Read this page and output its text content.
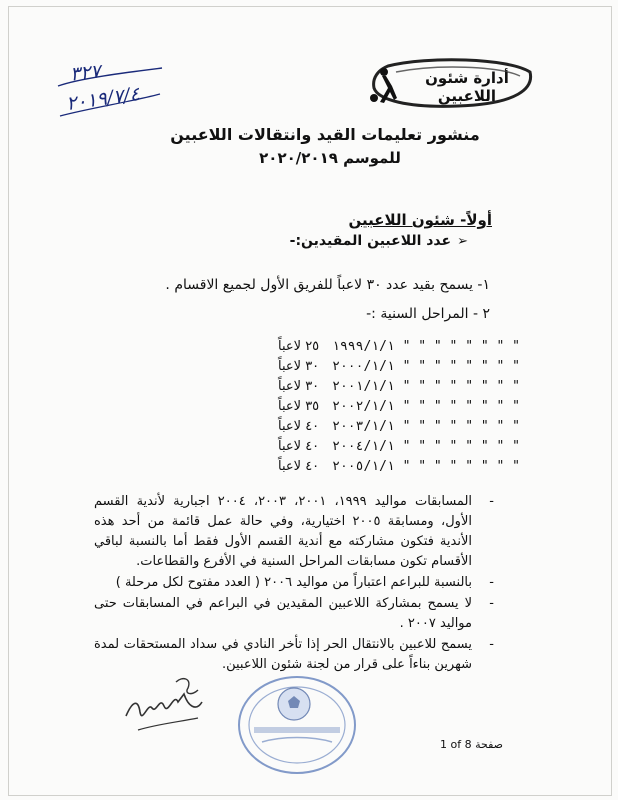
٣٢٧
٢٠١٩/٧/٤
أدارة شئون اللاعبين
منشور تعليمات القيد وانتقالات اللاعبين
للموسم ٢٠٢٠/٢٠١٩
أولاً- شئون اللاعبين
➢
عدد اللاعبين المقيدين:-
١- يسمح بقيد عدد ٣٠ لاعباً للفريق الأول لجميع الاقسام .
٢ - المراحل السنية :-
" " " " " " " " ١٩٩٩/١/١
٢٥ لاعباً
" " " " " " " " ٢٠٠٠/١/١
٣٠ لاعباً
" " " " " " " " ٢٠٠١/١/١
٣٠ لاعباً
" " " " " " " " ٢٠٠٢/١/١
٣٥ لاعباً
" " " " " " " " ٢٠٠٣/١/١
٤٠ لاعباً
" " " " " " " " ٢٠٠٤/١/١
٤٠ لاعباً
" " " " " " " " ٢٠٠٥/١/١
٤٠ لاعباً
-
المسابقات مواليد ١٩٩٩، ٢٠٠١، ٢٠٠٣، ٢٠٠٤ اجبارية لأندية القسم الأول، ومسابقة ٢٠٠٥ اختيارية، وفي حالة عمل قائمة من أحد هذه الأندية فتكون مشاركته مع أندية القسم الأول فقط أما بالنسبة لباقي الأقسام تكون مسابقات المراحل السنية في الأفرع والقطاعات.
-
بالنسبة للبراعم اعتباراً من مواليد ٢٠٠٦ ( العدد مفتوح لكل مرحلة )
-
لا يسمح بمشاركة اللاعبين المقيدين في البراعم في المسابقات حتى مواليد ٢٠٠٧ .
-
يسمح للاعبين بالانتقال الحر إذا تأخر النادي في سداد المستحقات لمدة شهرين بناءاً على قرار من لجنة شئون اللاعبين.
1 of 8 صفحة
